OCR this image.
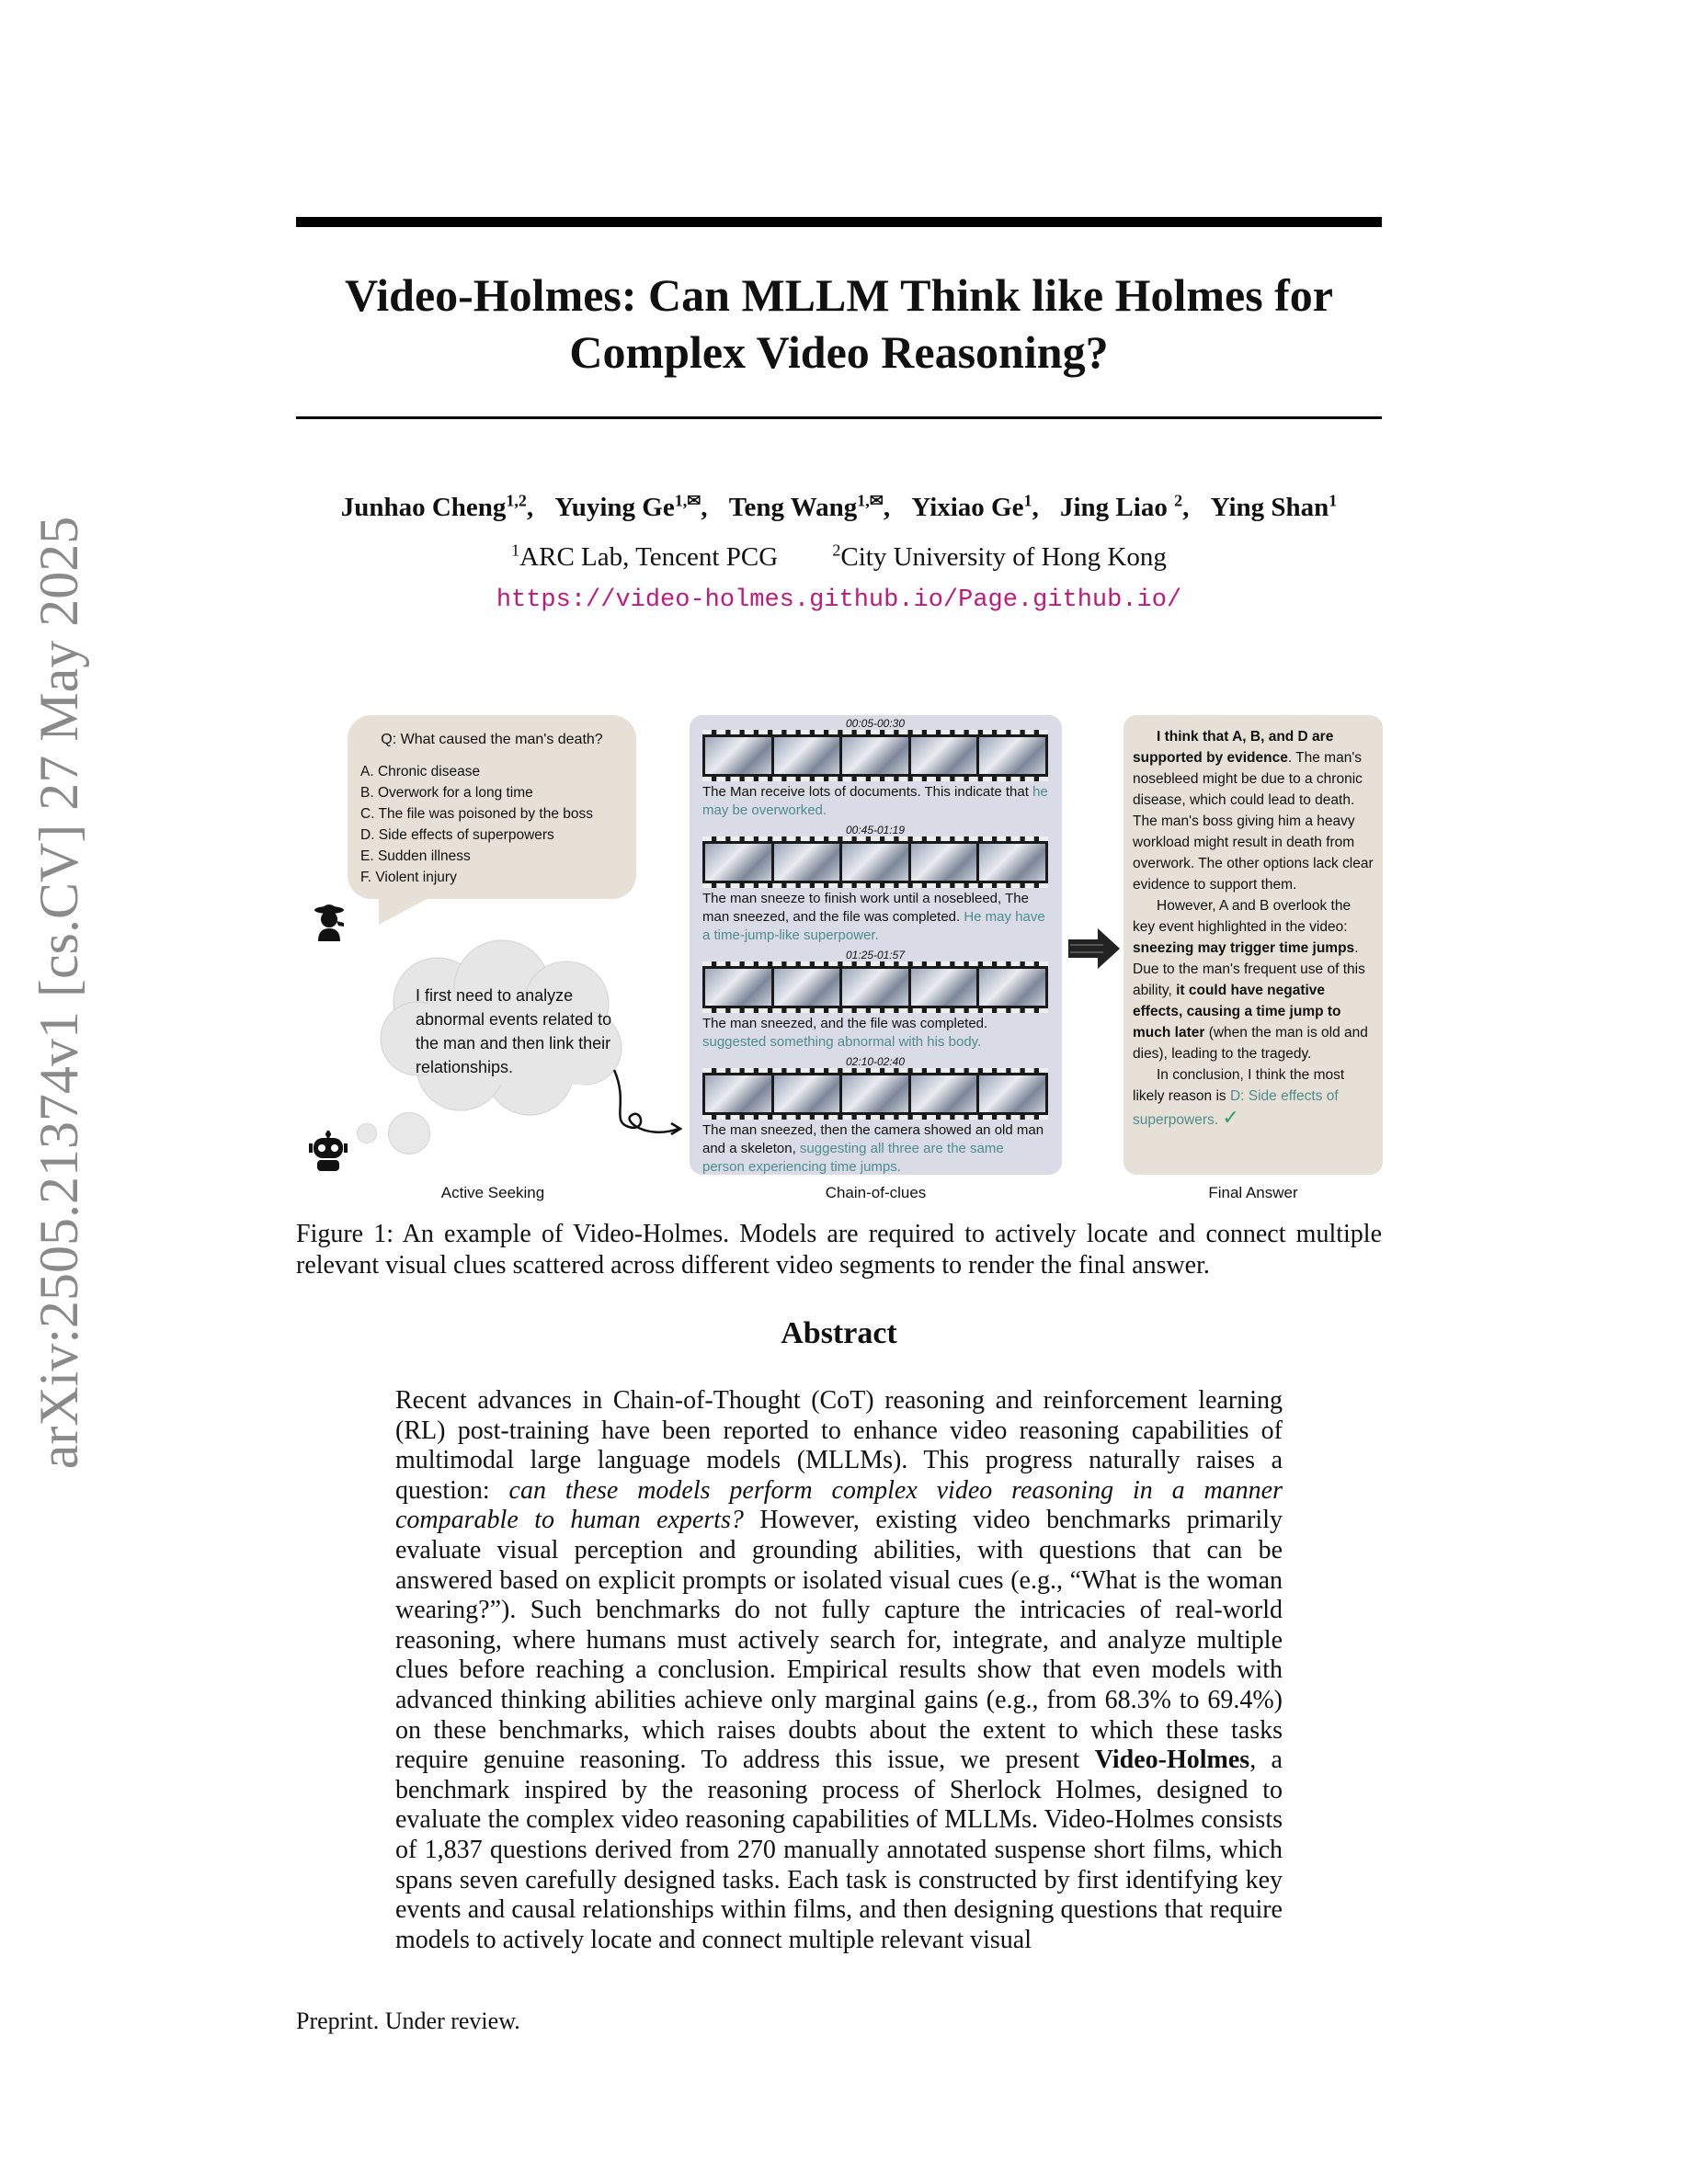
arXiv:2505.21374v1 [cs.CV] 27 May 2025
Video-Holmes: Can MLLM Think like Holmes for
Complex Video Reasoning?
Junhao Cheng$^{1,2}$, Yuying $Ge^{1,✉}$, Teng Wang$^{1,✉}$, Yixiao Ge$^1$, Jing Liao $^2$, Ying Shan$^1$
$^1$ARC Lab, Tencent PCG	$^2$City University of Hong Kong
https://video-holmes.github.io/Page.github.io/
Q: What caused the man's death?
A. Chronic disease
B. Overwork for a long time
C. The file was poisoned by the boss
D. Side effects of superpowers
E. Sudden illness
F. Violent injury
I first need to analyze abnormal events related to the man and then link their relationships.
00:05-00:30
The Man receive lots of documents. This indicate that he may be overworked.
00:45-01:19
The man sneeze to finish work until a nosebleed, The man sneezed, and the file was completed. He may have a time-jump-like superpower.
01:25-01:57
The man sneezed, and the file was completed. suggested something abnormal with his body.
02:10-02:40
The man sneezed, then the camera showed an old man and a skeleton, suggesting all three are the same person experiencing time jumps.

I think that A, B, and D are supported by evidence. The man's nosebleed might be due to a chronic disease, which could lead to death. The man's boss giving him a heavy workload might result in death from overwork. The other options lack clear evidence to support them.

However, A and B overlook the key event highlighted in the video: sneezing may trigger time jumps. Due to the man's frequent use of this ability, it could have negative effects, causing a time jump to much later (when the man is old and dies), leading to the tragedy.

In conclusion, I think the most likely reason is D: Side effects of superpowers. ✓

Active Seeking	Chain-of-clues	Final Answer
Figure 1: An example of Video-Holmes. Models are required to actively locate and connect multiple relevant visual clues scattered across different video segments to render the final answer.
Abstract
Recent advances in Chain-of-Thought (CoT) reasoning and reinforcement learning (RL) post-training have been reported to enhance video reasoning capabilities of multimodal large language models (MLLMs). This progress naturally raises a question: can these models perform complex video reasoning in a manner comparable to human experts? However, existing video benchmarks primarily evaluate visual perception and grounding abilities, with questions that can be answered based on explicit prompts or isolated visual cues (e.g., “What is the woman wearing?”). Such benchmarks do not fully capture the intricacies of real-world reasoning, where humans must actively search for, integrate, and analyze multiple clues before reaching a conclusion. Empirical results show that even models with advanced thinking abilities achieve only marginal gains (e.g., from 68.3% to 69.4%) on these benchmarks, which raises doubts about the extent to which these tasks require genuine reasoning. To address this issue, we present Video-Holmes, a benchmark inspired by the reasoning process of Sherlock Holmes, designed to evaluate the complex video reasoning capabilities of MLLMs. Video-Holmes consists of 1,837 questions derived from 270 manually annotated suspense short films, which spans seven carefully designed tasks. Each task is constructed by first identifying key events and causal relationships within films, and then designing questions that require models to actively locate and connect multiple relevant visual
Preprint. Under review.
